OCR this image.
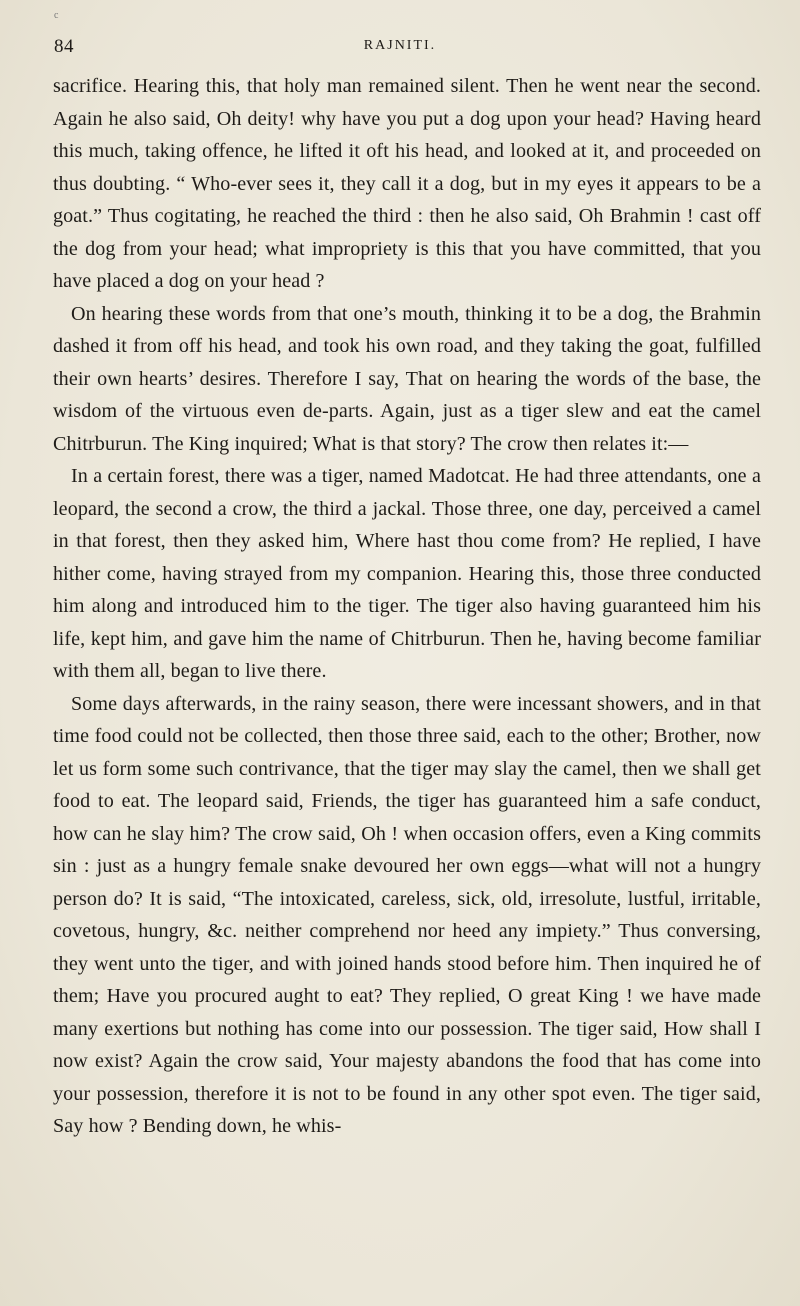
c
84	RAJNITI.

sacrifice. Hearing this, that holy man remained silent. Then he went near the second. Again he also said, Oh deity! why have you put a dog upon your head? Having heard this much, taking offence, he lifted it oft his head, and looked at it, and proceeded on thus doubting. “ Who-ever sees it, they call it a dog, but in my eyes it appears to be a goat.” Thus cogitating, he reached the third : then he also said, Oh Brahmin ! cast off the dog from your head; what impropriety is this that you have committed, that you have placed a dog on your head ?

On hearing these words from that one’s mouth, thinking it to be a dog, the Brahmin dashed it from off his head, and took his own road, and they taking the goat, fulfilled their own hearts’ desires. Therefore I say, That on hearing the words of the base, the wisdom of the virtuous even de-parts. Again, just as a tiger slew and eat the camel Chitrburun. The King inquired; What is that story? The crow then relates it:—

In a certain forest, there was a tiger, named Madotcat. He had three attendants, one a leopard, the second a crow, the third a jackal. Those three, one day, perceived a camel in that forest, then they asked him, Where hast thou come from? He replied, I have hither come, having strayed from my companion. Hearing this, those three conducted him along and introduced him to the tiger. The tiger also having guaranteed him his life, kept him, and gave him the name of Chitrburun. Then he, having become familiar with them all, began to live there.

Some days afterwards, in the rainy season, there were incessant showers, and in that time food could not be collected, then those three said, each to the other; Brother, now let us form some such contrivance, that the tiger may slay the camel, then we shall get food to eat. The leopard said, Friends, the tiger has guaranteed him a safe conduct, how can he slay him? The crow said, Oh ! when occasion offers, even a King commits sin : just as a hungry female snake devoured her own eggs—what will not a hungry person do? It is said, “The intoxicated, careless, sick, old, irresolute, lustful, irritable, covetous, hungry, &c. neither comprehend nor heed any impiety.” Thus conversing, they went unto the tiger, and with joined hands stood before him. Then inquired he of them; Have you procured aught to eat? They replied, O great King ! we have made many exertions but nothing has come into our possession. The tiger said, How shall I now exist? Again the crow said, Your majesty abandons the food that has come into your possession, therefore it is not to be found in any other spot even. The tiger said, Say how ? Bending down, he whis-
